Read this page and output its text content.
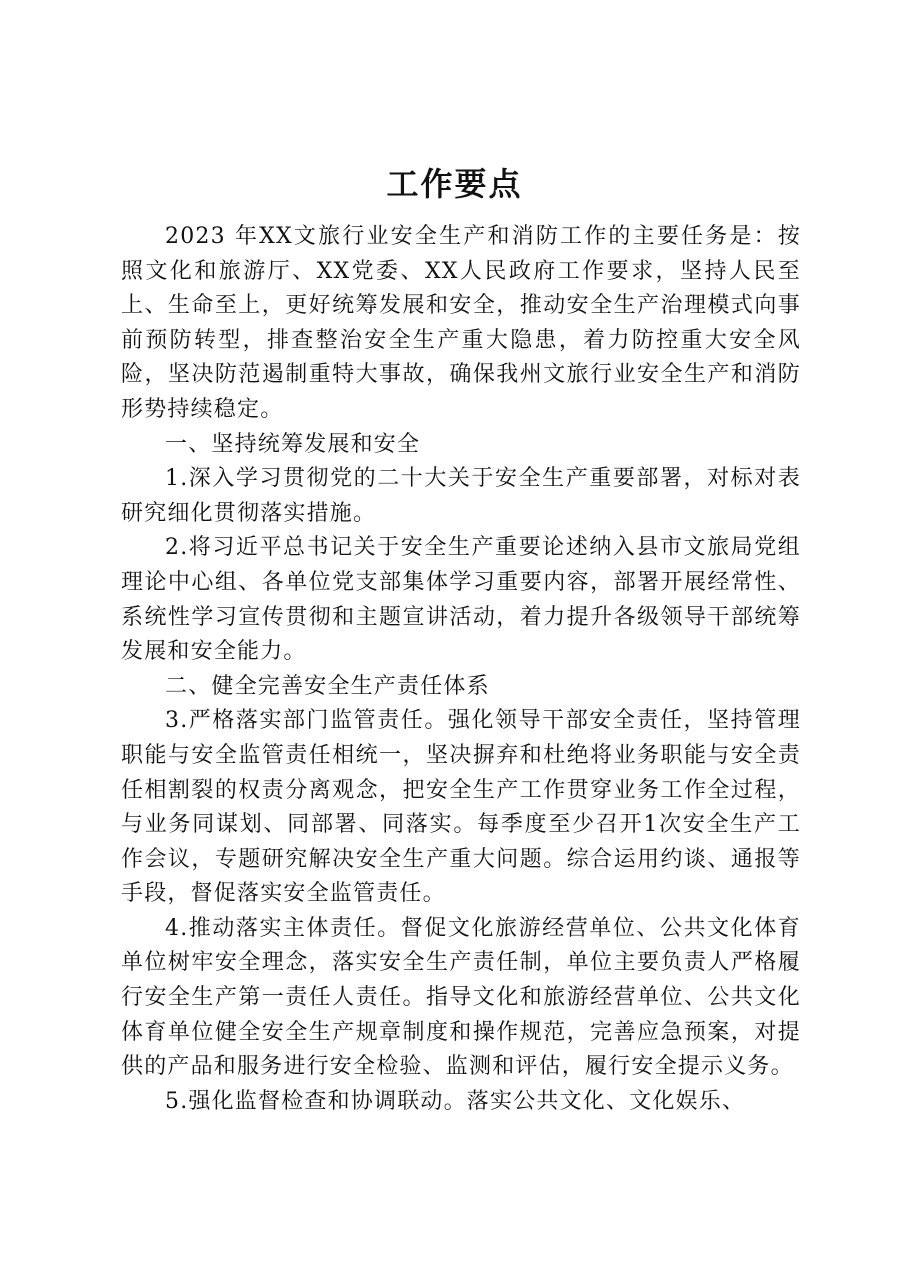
工作要点

2023 年XX文旅行业安全生产和消防工作的主要任务是：按照文化和旅游厅、XX党委、XX人民政府工作要求，坚持人民至上、生命至上，更好统筹发展和安全，推动安全生产治理模式向事前预防转型，排查整治安全生产重大隐患，着力防控重大安全风险，坚决防范遏制重特大事故，确保我州文旅行业安全生产和消防形势持续稳定。

一、坚持统筹发展和安全

1.深入学习贯彻党的二十大关于安全生产重要部署，对标对表研究细化贯彻落实措施。

2.将习近平总书记关于安全生产重要论述纳入县市文旅局党组理论中心组、各单位党支部集体学习重要内容，部署开展经常性、系统性学习宣传贯彻和主题宣讲活动，着力提升各级领导干部统筹发展和安全能力。

二、健全完善安全生产责任体系

3.严格落实部门监管责任。强化领导干部安全责任，坚持管理职能与安全监管责任相统一，坚决摒弃和杜绝将业务职能与安全责任相割裂的权责分离观念，把安全生产工作贯穿业务工作全过程，与业务同谋划、同部署、同落实。每季度至少召开1次安全生产工作会议，专题研究解决安全生产重大问题。综合运用约谈、通报等手段，督促落实安全监管责任。

4.推动落实主体责任。督促文化旅游经营单位、公共文化体育单位树牢安全理念，落实安全生产责任制，单位主要负责人严格履行安全生产第一责任人责任。指导文化和旅游经营单位、公共文化体育单位健全安全生产规章制度和操作规范，完善应急预案，对提供的产品和服务进行安全检验、监测和评估，履行安全提示义务。

5.强化监督检查和协调联动。落实公共文化、文化娱乐、
